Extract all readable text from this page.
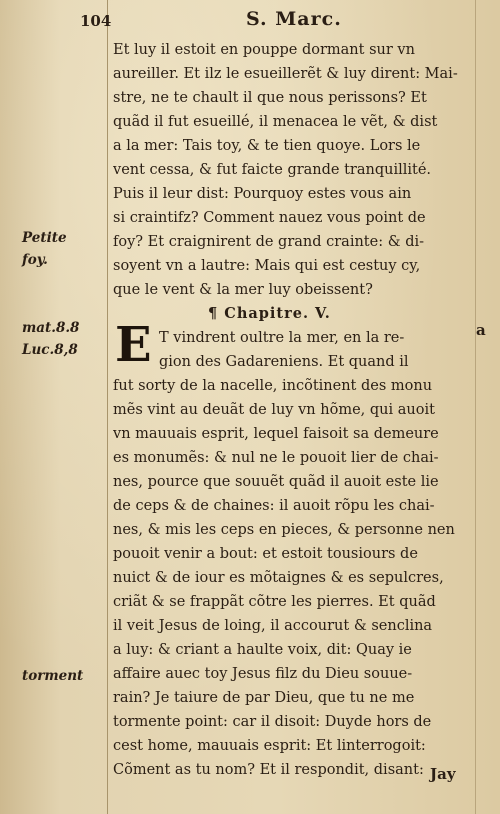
104	S. Marc.
E
Et luy il estoit en pouppe dormant sur vn
aureiller. Et ilz le esueillerẽt & luy dirent: Mai-
stre, ne te chault il que nous perissons? Et
quãd il fut esueillé, il menacea le vẽt, & dist
a la mer: Tais toy, & te tien quoye. Lors le
vent cessa, & fut faicte grande tranquillité.
Puis il leur dist: Pourquoy estes vous ain
si craintifz? Comment nauez vous point de
foy? Et craignirent de grand crainte: & di-
soyent vn a lautre: Mais qui est cestuy cy,
que le vent & la mer luy obeissent?
¶ Chapitre. V.
T vindrent oultre la mer, en la re-
gion des Gadareniens. Et quand il
fut sorty de la nacelle, incõtinent des monu
mẽs vint au deuãt de luy vn hõme, qui auoit
vn mauuais esprit, lequel faisoit sa demeure
es monumẽs: & nul ne le pouoit lier de chai-
nes, pource que souuẽt quãd il auoit este lie
de ceps & de chaines: il auoit rõpu les chai-
nes, & mis les ceps en pieces, & personne nen
pouoit venir a bout: et estoit tousiours de
nuict & de iour es mõtaignes & es sepulcres,
criãt & se frappãt cõtre les pierres. Et quãd
il veit Jesus de loing, il accourut & senclina
a luy: & criant a haulte voix, dit: Quay ie
affaire auec toy Jesus filz du Dieu souue-
rain? Je taiure de par Dieu, que tu ne me
tormente point: car il disoit: Duyde hors de
cest home, mauuais esprit: Et linterrogoit:
Cõment as tu nom? Et il respondit, disant:
Petite
foy.
mat.8.8
Luc.8,8
torment
a
Jay
